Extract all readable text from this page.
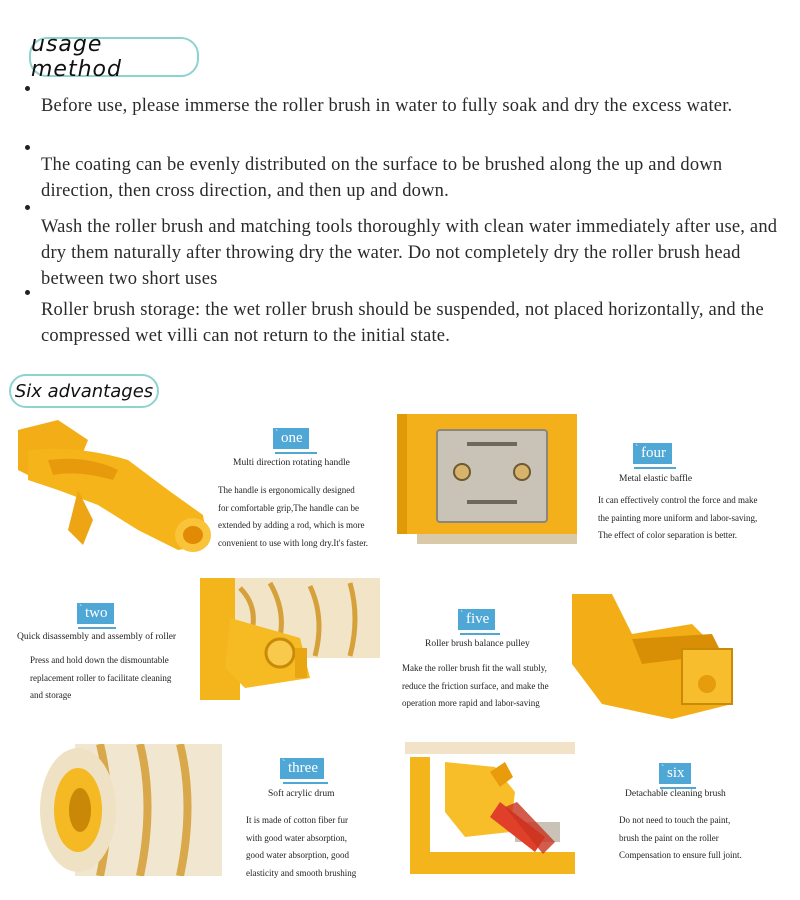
usage method

Before use, please immerse the roller brush in water to fully soak and dry the excess water.

The coating can be evenly distributed on the surface to be brushed along the up and down direction, then cross direction, and then up and down.

Wash the roller brush and matching tools thoroughly with clean water immediately after use, and dry them naturally after throwing dry the water. Do not completely dry the roller brush head between two short uses

Roller brush storage: the wet roller brush should be suspended, not placed horizontally, and the compressed wet villi can not return to the initial state.

Six advantages
ˋ one
Multi direction rotating handle
The handle is ergonomically designed
for comfortable grip,The handle can be
extended by adding a rod, which is more
convenient to use with long dry.It's faster.
ˋ four
Metal elastic baffle
It can effectively control the force and make
the painting more uniform and labor-saving,
The effect of color separation is better.
ˋ two
Quick disassembly and assembly of roller
Press and hold down the dismountable
replacement roller to facilitate cleaning
and storage
ˋ five
Roller brush balance pulley
Make the roller brush fit the wall stubly,
reduce the friction surface, and make the
operation more rapid and labor-saving
ˋ three
Soft acrylic drum
It is made of cotton fiber fur
with good water absorption,
good water absorption, good
elasticity and smooth brushing
ˋ six
Detachable cleaning brush
Do not need to touch the paint,
brush the paint on the roller
Compensation to ensure full joint.
